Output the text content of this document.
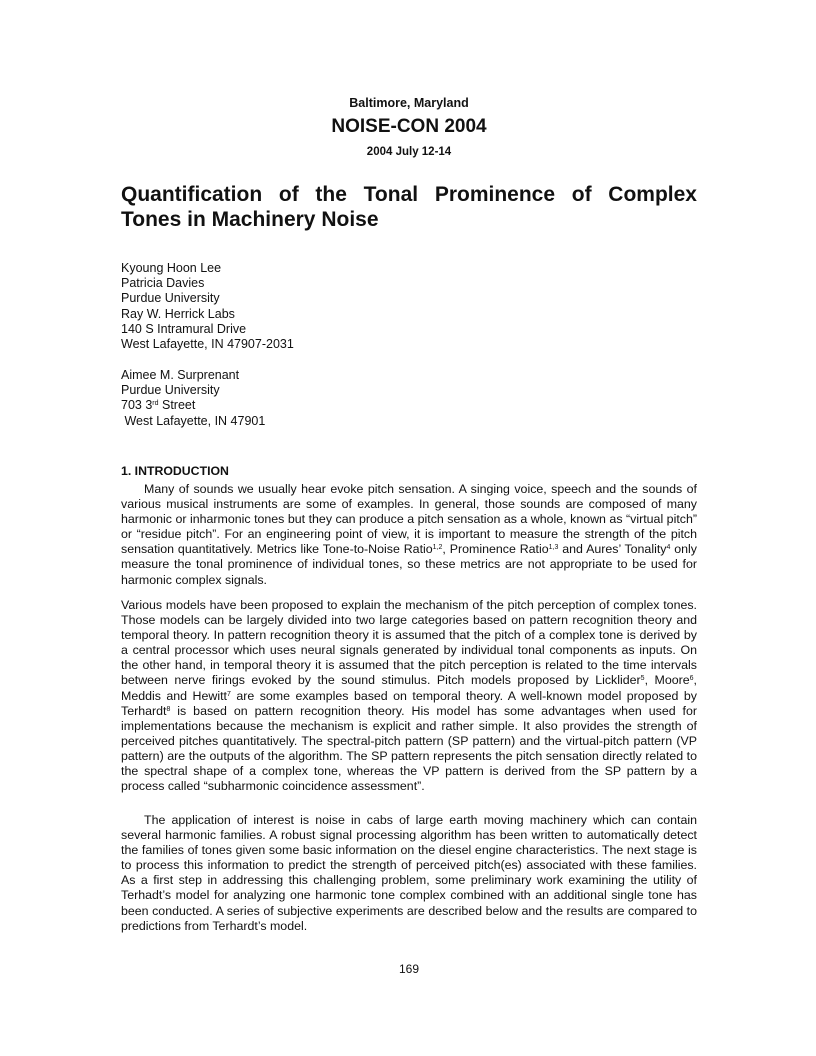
Baltimore, Maryland
NOISE-CON 2004
2004 July 12-14
Quantification of the Tonal Prominence of Complex
Tones in Machinery Noise
Kyoung Hoon Lee
Patricia Davies
Purdue University
Ray W. Herrick Labs
140 S Intramural Drive
West Lafayette, IN 47907-2031
Aimee M. Surprenant
Purdue University
703 3rd Street
West Lafayette, IN 47901
1. INTRODUCTION

Many of sounds we usually hear evoke pitch sensation. A singing voice, speech and the sounds of various musical instruments are some of examples. In general, those sounds are composed of many harmonic or inharmonic tones but they can produce a pitch sensation as a whole, known as “virtual pitch” or “residue pitch”. For an engineering point of view, it is important to measure the strength of the pitch sensation quantitatively. Metrics like Tone-to-Noise Ratio$^{1,2}$, Prominence Ratio$^{1,3}$ and Aures’ Tonality$^4$ only measure the tonal prominence of individual tones, so these metrics are not appropriate to be used for harmonic complex signals.

Various models have been proposed to explain the mechanism of the pitch perception of complex tones. Those models can be largely divided into two large categories based on pattern recognition theory and temporal theory. In pattern recognition theory it is assumed that the pitch of a complex tone is derived by a central processor which uses neural signals generated by individual tonal components as inputs. On the other hand, in temporal theory it is assumed that the pitch perception is related to the time intervals between nerve firings evoked by the sound stimulus. Pitch models proposed by Licklider$^5$, Moore$^6$, Meddis and Hewitt$^7$ are some examples based on temporal theory. A well-known model proposed by Terhardt$^8$ is based on pattern recognition theory. His model has some advantages when used for implementations because the mechanism is explicit and rather simple. It also provides the strength of perceived pitches quantitatively. The spectral-pitch pattern (SP pattern) and the virtual-pitch pattern (VP pattern) are the outputs of the algorithm. The SP pattern represents the pitch sensation directly related to the spectral shape of a complex tone, whereas the VP pattern is derived from the SP pattern by a process called “subharmonic coincidence assessment”.

The application of interest is noise in cabs of large earth moving machinery which can contain several harmonic families. A robust signal processing algorithm has been written to automatically detect the families of tones given some basic information on the diesel engine characteristics. The next stage is to process this information to predict the strength of perceived pitch(es) associated with these families. As a first step in addressing this challenging problem, some preliminary work examining the utility of Terhadt’s model for analyzing one harmonic tone complex combined with an additional single tone has been conducted. A series of subjective experiments are described below and the results are compared to predictions from Terhardt’s model.

169
